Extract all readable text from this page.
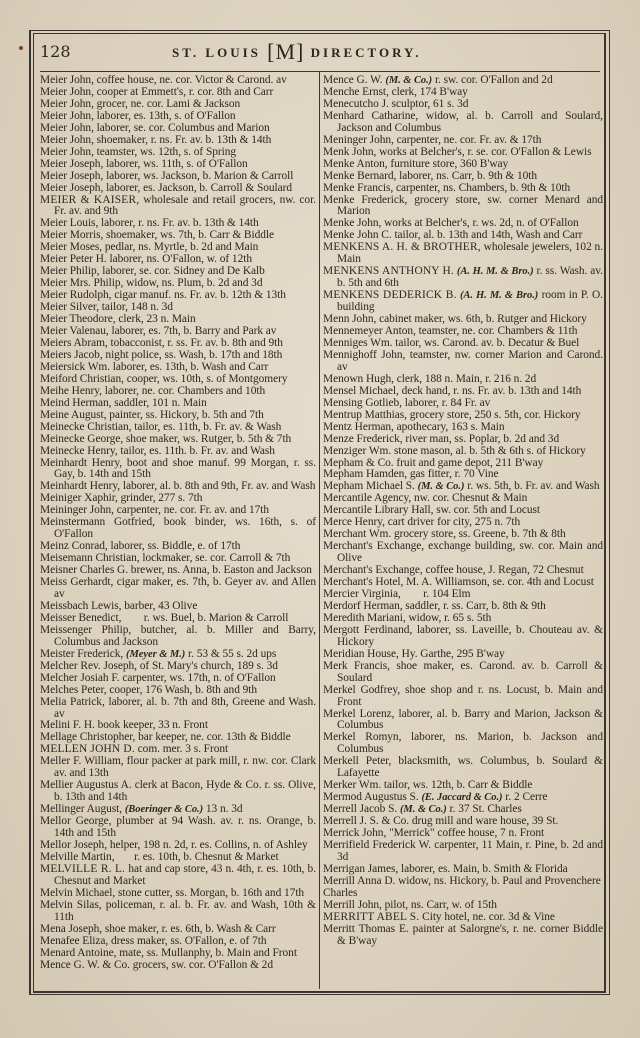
128	ST. LOUIS [M] DIRECTORY.
Meier John, coffee house, ne. cor. Victor & Carond. av
Meier John, cooper at Emmett's, r. cor. 8th and Carr
Meier John, grocer, ne. cor. Lami & Jackson
Meier John, laborer, es. 13th, s. of O'Fallon
Meier John, laborer, se. cor. Columbus and Marion
Meier John, shoemaker, r. ns. Fr. av. b. 13th & 14th
Meier John, teamster, ws. 12th, s. of Spring
Meier Joseph, laborer, ws. 11th, s. of O'Fallon
Meier Joseph, laborer, ws. Jackson, b. Marion & Carroll
Meier Joseph, laborer, es. Jackson, b. Carroll & Soulard
MEIER & KAISER, wholesale and retail grocers, nw. cor. Fr. av. and 9th
Meier Louis, laborer, r. ns. Fr. av. b. 13th & 14th
Meier Morris, shoemaker, ws. 7th, b. Carr & Biddle
Meier Moses, pedlar, ns. Myrtle, b. 2d and Main
Meier Peter H. laborer, ns. O'Fallon, w. of 12th
Meier Philip, laborer, se. cor. Sidney and De Kalb
Meier Mrs. Philip, widow, ns. Plum, b. 2d and 3d
Meier Rudolph, cigar manuf. ns. Fr. av. b. 12th & 13th
Meier Silver, tailor, 148 n. 3d
Meier Theodore, clerk, 23 n. Main
Meier Valenau, laborer, es. 7th, b. Barry and Park av
Meiers Abram, tobacconist, r. ss. Fr. av. b. 8th and 9th
Meiers Jacob, night police, ss. Wash, b. 17th and 18th
Meiersick Wm. laborer, es. 13th, b. Wash and Carr
Meiford Christian, cooper, ws. 10th, s. of Montgomery
Meihe Henry, laborer, ne. cor. Chambers and 10th
Meind Herman, saddler, 101 n. Main
Meine August, painter, ss. Hickory, b. 5th and 7th
Meinecke Christian, tailor, es. 11th, b. Fr. av. & Wash
Meinecke George, shoe maker, ws. Rutger, b. 5th & 7th
Meinecke Henry, tailor, es. 11th. b. Fr. av. and Wash
Meinhardt Henry, boot and shoe manuf. 99 Morgan, r. ss. Gay, b. 14th and 15th
Meinhardt Henry, laborer, al. b. 8th and 9th, Fr. av. and Wash
Meiniger Xaphir, grinder, 277 s. 7th
Meininger John, carpenter, ne. cor. Fr. av. and 17th
Meinstermann Gotfried, book binder, ws. 16th, s. of O'Fallon
Meinz Conrad, laborer, ss. Biddle, e. of 17th
Meisemann Christian, lockmaker, se. cor. Carroll & 7th
Meisner Charles G. brewer, ns. Anna, b. Easton and Jackson
Meiss Gerhardt, cigar maker, es. 7th, b. Geyer av. and Allen av
Meissbach Lewis, barber, 43 Olive
Meisser Benedict,        r. ws. Buel, b. Marion & Carroll
Meissenger Philip, butcher, al. b. Miller and Barry, Columbus and Jackson
Meister Frederick, (Meyer & M.) r. 53 & 55 s. 2d ups
Melcher Rev. Joseph, of St. Mary's church, 189 s. 3d
Melcher Josiah F. carpenter, ws. 17th, n. of O'Fallon
Melches Peter, cooper, 176 Wash, b. 8th and 9th
Melia Patrick, laborer, al. b. 7th and 8th, Greene and Wash. av
Melini F. H. book keeper, 33 n. Front
Mellage Christopher, bar keeper, ne. cor. 13th & Biddle
MELLEN JOHN D. com. mer. 3 s. Front
Meller F. William, flour packer at park mill, r. nw. cor. Clark av. and 13th
Mellier Augustus A. clerk at Bacon, Hyde & Co. r. ss. Olive, b. 13th and 14th
Mellinger August, (Boeringer & Co.) 13 n. 3d
Mellor George, plumber at 94 Wash. av. r. ns. Orange, b. 14th and 15th
Mellor Joseph, helper, 198 n. 2d, r. es. Collins, n. of Ashley
Melville Martin,       r. es. 10th, b. Chesnut & Market
MELVILLE R. L. hat and cap store, 43 n. 4th, r. es. 10th, b. Chesnut and Market
Melvin Michael, stone cutter, ss. Morgan, b. 16th and 17th
Melvin Silas, policeman, r. al. b. Fr. av. and Wash, 10th & 11th
Mena Joseph, shoe maker, r. es. 6th, b. Wash & Carr
Menafee Eliza, dress maker, ss. O'Fallon, e. of 7th
Menard Antoine, mate, ss. Mullanphy, b. Main and Front
Mence G. W. & Co. grocers, sw. cor. O'Fallon & 2d
Mence G. W. (M. & Co.) r. sw. cor. O'Fallon and 2d
Menche Ernst, clerk, 174 B'way
Menecutcho J. sculptor, 61 s. 3d
Menhard Catharine, widow, al. b. Carroll and Soulard, Jackson and Columbus
Meninger John, carpenter, ne. cor. Fr. av. & 17th
Menk John, works at Belcher's, r. se. cor. O'Fallon & Lewis
Menke Anton, furniture store, 360 B'way
Menke Bernard, laborer, ns. Carr, b. 9th & 10th
Menke Francis, carpenter, ns. Chambers, b. 9th & 10th
Menke Frederick, grocery store, sw. corner Menard and Marion
Menke John, works at Belcher's, r. ws. 2d, n. of O'Fallon
Menke John C. tailor, al. b. 13th and 14th, Wash and Carr
MENKENS A. H. & BROTHER, wholesale jewelers, 102 n. Main
MENKENS ANTHONY H. (A. H. M. & Bro.) r. ss. Wash. av. b. 5th and 6th
MENKENS DEDERICK B. (A. H. M. & Bro.) room in P. O. building
Menn John, cabinet maker, ws. 6th, b. Rutger and Hickory
Mennemeyer Anton, teamster, ne. cor. Chambers & 11th
Menniges Wm. tailor, ws. Carond. av. b. Decatur & Buel
Mennighoff John, teamster, nw. corner Marion and Carond. av
Menown Hugh, clerk, 188 n. Main, r. 216 n. 2d
Mensel Michael, deck hand, r. ns. Fr. av. b. 13th and 14th
Mensing Gotlieb, laborer, r. 84 Fr. av
Mentrup Matthias, grocery store, 250 s. 5th, cor. Hickory
Mentz Herman, apothecary, 163 s. Main
Menze Frederick, river man, ss. Poplar, b. 2d and 3d
Menziger Wm. stone mason, al. b. 5th & 6th s. of Hickory
Mepham & Co. fruit and game depot, 211 B'way
Mepham Hamden, gas fitter, r. 70 Vine
Mepham Michael S. (M. & Co.) r. ws. 5th, b. Fr. av. and Wash
Mercantile Agency, nw. cor. Chesnut & Main
Mercantile Library Hall, sw. cor. 5th and Locust
Merce Henry, cart driver for city, 275 n. 7th
Merchant Wm. grocery store, ss. Greene, b. 7th & 8th
Merchant's Exchange, exchange building, sw. cor. Main and Olive
Merchant's Exchange, coffee house, J. Regan, 72 Chesnut
Merchant's Hotel, M. A. Williamson, se. cor. 4th and Locust
Mercier Virginia,        r. 104 Elm
Merdorf Herman, saddler, r. ss. Carr, b. 8th & 9th
Meredith Mariani, widow, r. 65 s. 5th
Mergott Ferdinand, laborer, ss. Laveille, b. Chouteau av. & Hickory
Meridian House, Hy. Garthe, 295 B'way
Merk Francis, shoe maker, es. Carond. av. b. Carroll & Soulard
Merkel Godfrey, shoe shop and r. ns. Locust, b. Main and Front
Merkel Lorenz, laborer, al. b. Barry and Marion, Jackson & Columbus
Merkel Romyn, laborer, ns. Marion, b. Jackson and Columbus
Merkell Peter, blacksmith, ws. Columbus, b. Soulard & Lafayette
Merker Wm. tailor, ws. 12th, b. Carr & Biddle
Mermod Augustus S. (E. Jaccard & Co.) r. 2 Cerre
Merrell Jacob S. (M. & Co.) r. 37 St. Charles
Merrell J. S. & Co. drug mill and ware house, 39 St.
Merrick John, "Merrick" coffee house, 7 n. Front
Merrifield Frederick W. carpenter, 11 Main, r. Pine, b. 2d and 3d
Merrigan James, laborer, es. Main, b. Smith & Florida
Merrill Anna D. widow, ns. Hickory, b. Paul and Provenchere
Charles
Merrill John, pilot, ns. Carr, w. of 15th
MERRITT ABEL S. City hotel, ne. cor. 3d & Vine
Merritt Thomas E. painter at Salorgne's, r. ne. corner Biddle & B'way
